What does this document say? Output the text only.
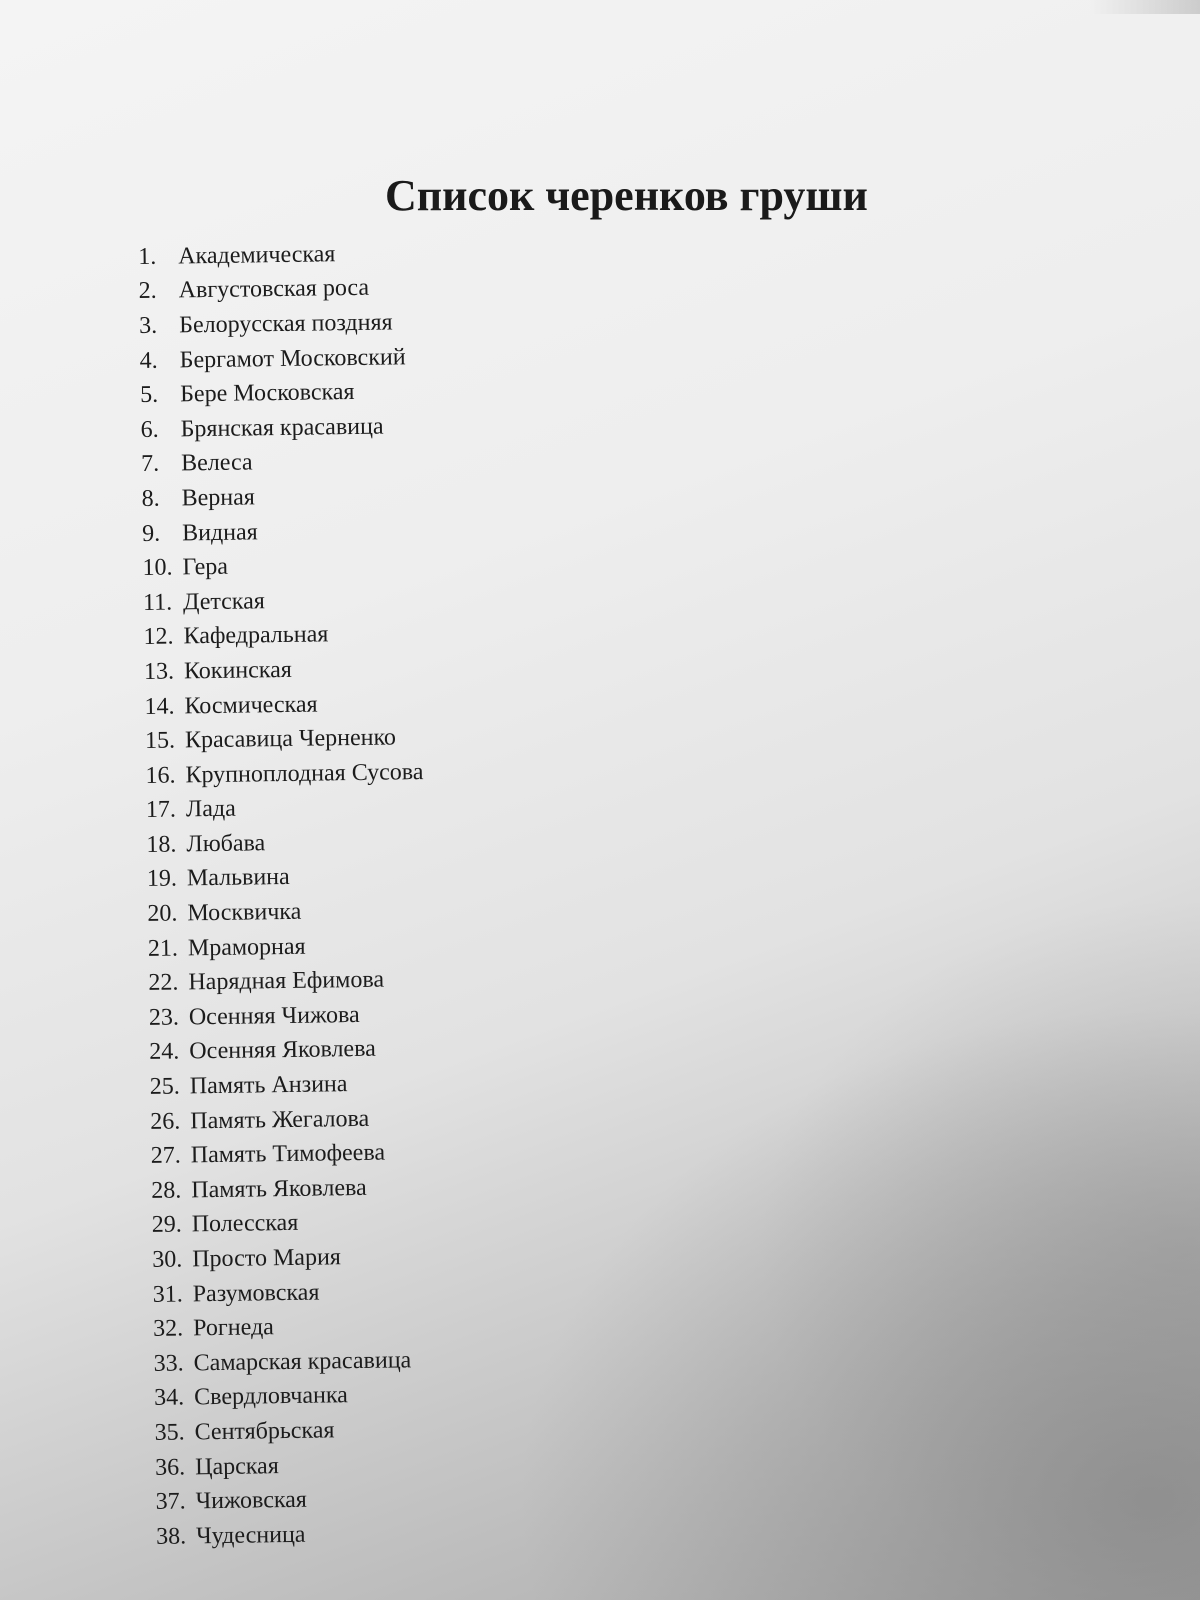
Список черенков груши
1. Академическая
2. Августовская роса
3. Белорусская поздняя
4. Бергамот Московский
5. Бере Московская
6. Брянская красавица
7. Велеса
8. Верная
9. Видная
10. Гера
11. Детская
12. Кафедральная
13. Кокинская
14. Космическая
15. Красавица Черненко
16. Крупноплодная Сусова
17. Лада
18. Любава
19. Мальвина
20. Москвичка
21. Мраморная
22. Нарядная Ефимова
23. Осенняя Чижова
24. Осенняя Яковлева
25. Память Анзина
26. Память Жегалова
27. Память Тимофеева
28. Память Яковлева
29. Полесская
30. Просто Мария
31. Разумовская
32. Рогнеда
33. Самарская красавица
34. Свердловчанка
35. Сентябрьская
36. Царская
37. Чижовская
38. Чудесница
